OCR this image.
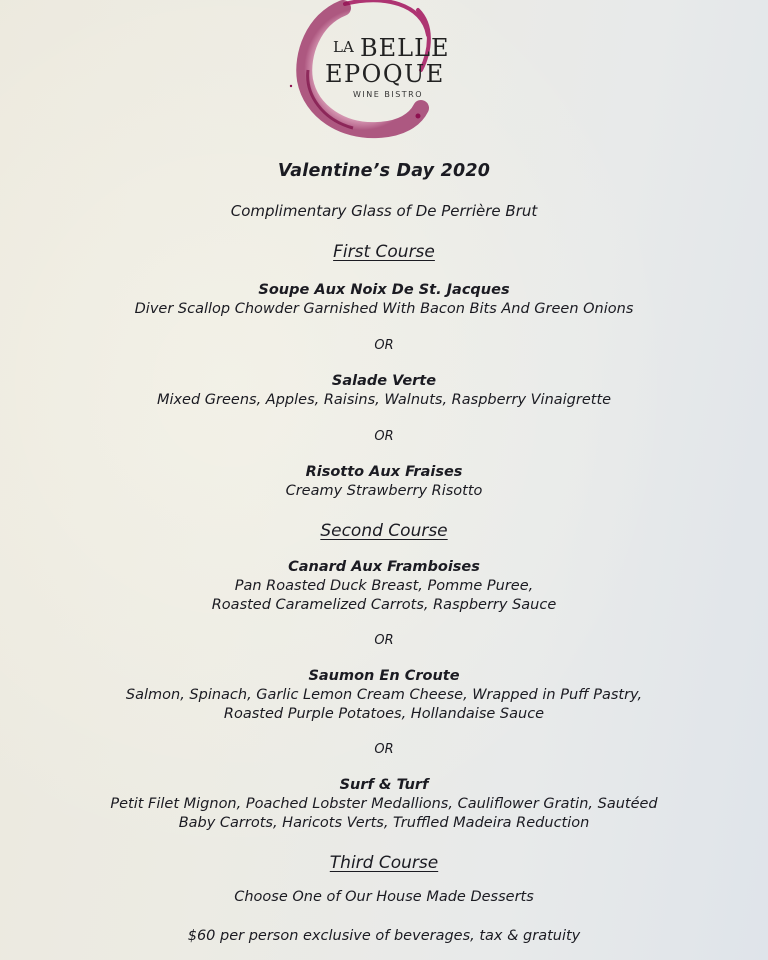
LA BELLE
EPOQUE
WINE BISTRO
Valentine’s Day 2020
Complimentary Glass of De Perrière Brut
First Course
Soupe Aux Noix De St. Jacques
Diver Scallop Chowder Garnished With Bacon Bits And Green Onions
OR
Salade Verte
Mixed Greens, Apples, Raisins, Walnuts, Raspberry Vinaigrette
OR
Risotto Aux Fraises
Creamy Strawberry Risotto
Second Course
Canard Aux Framboises
Pan Roasted Duck Breast, Pomme Puree,
Roasted Caramelized Carrots, Raspberry Sauce
OR
Saumon En Croute
Salmon, Spinach, Garlic Lemon Cream Cheese, Wrapped in Puff Pastry,
Roasted Purple Potatoes, Hollandaise Sauce
OR
Surf & Turf
Petit Filet Mignon, Poached Lobster Medallions, Cauliflower Gratin, Sautéed
Baby Carrots, Haricots Verts, Truffled Madeira Reduction
Third Course
Choose One of Our House Made Desserts
$60 per person exclusive of beverages, tax & gratuity
